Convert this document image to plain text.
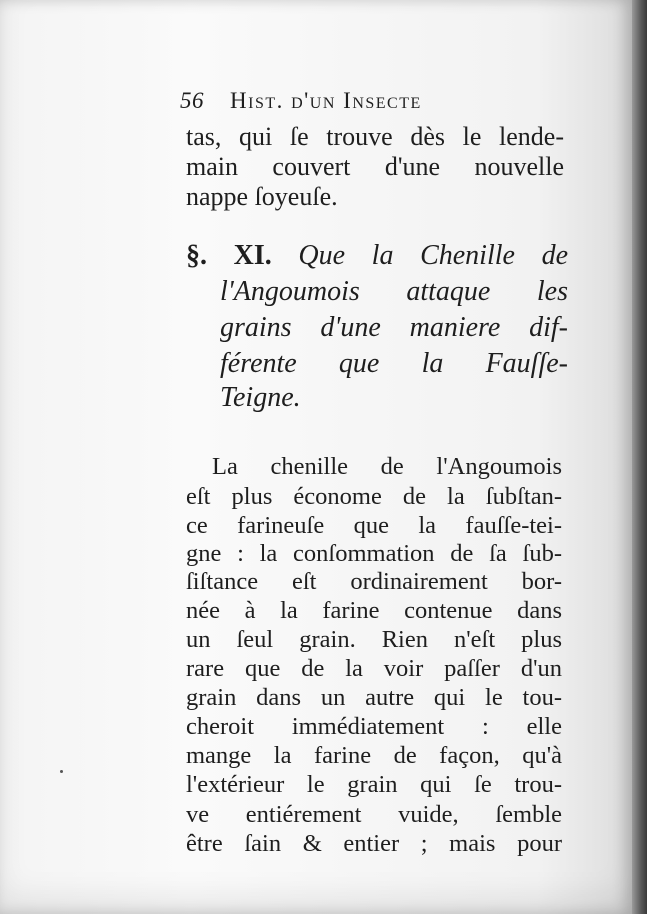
56 Hist. d'un Insecte
tas, qui ſe trouve dès le lende-
main couvert d'une nouvelle
nappe ſoyeuſe.
§. XI. Que la Chenille de
l'Angoumois attaque les
grains d'une maniere dif-
férente que la Fauſſe-
Teigne.
La chenille de l'Angoumois
eſt plus économe de la ſubſtan-
ce farineuſe que la fauſſe-tei-
gne : la conſommation de ſa ſub-
ſiſtance eſt ordinairement bor-
née à la farine contenue dans
un ſeul grain. Rien n'eſt plus
rare que de la voir paſſer d'un
grain dans un autre qui le tou-
cheroit immédiatement : elle
mange la farine de façon, qu'à
l'extérieur le grain qui ſe trou-
ve entiérement vuide, ſemble
être ſain & entier ; mais pour
